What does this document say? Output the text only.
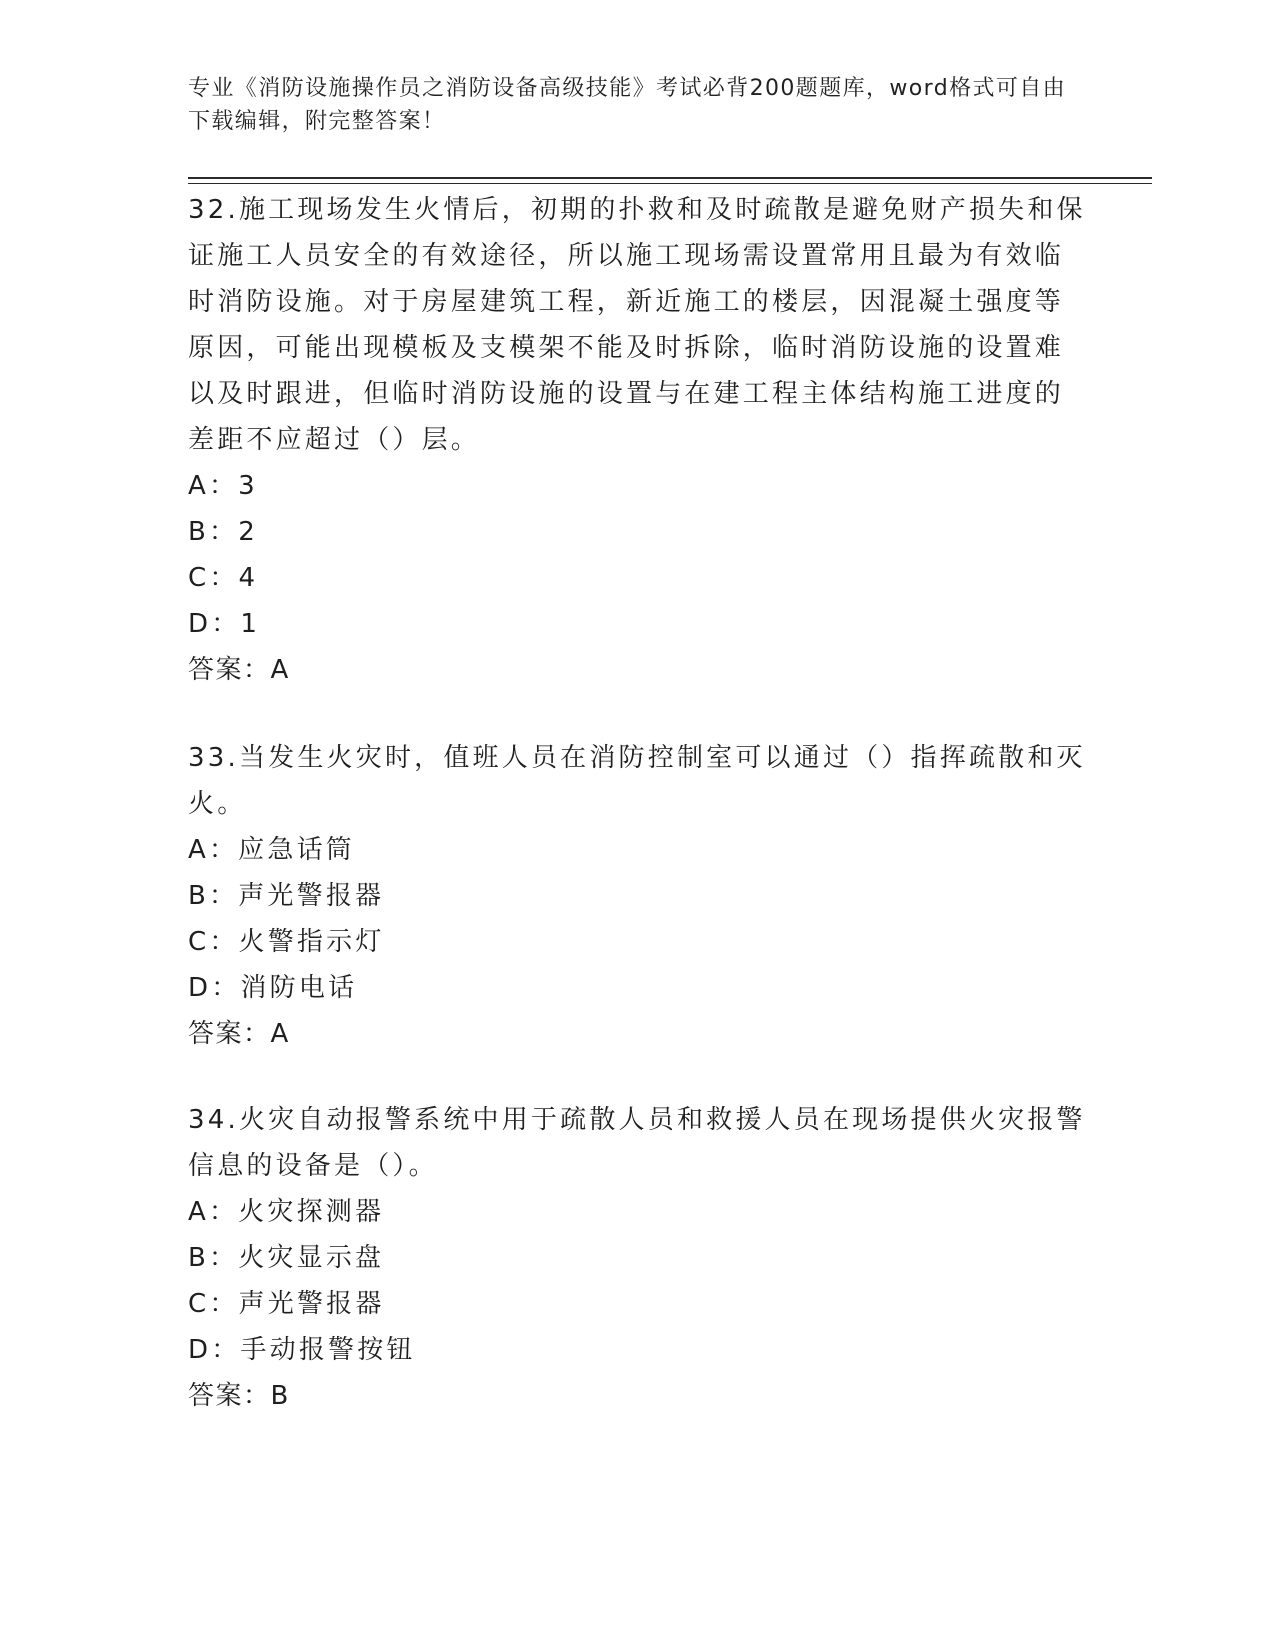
专业《消防设施操作员之消防设备高级技能》考试必背200题题库，word格式可自由下载编辑，附完整答案！
32.施工现场发生火情后，初期的扑救和及时疏散是避免财产损失和保证施工人员安全的有效途径，所以施工现场需设置常用且最为有效临时消防设施。对于房屋建筑工程，新近施工的楼层，因混凝土强度等原因，可能出现模板及支模架不能及时拆除，临时消防设施的设置难以及时跟进，但临时消防设施的设置与在建工程主体结构施工进度的差距不应超过（）层。
A：3
B：2
C：4
D：1
答案：A
33.当发生火灾时，值班人员在消防控制室可以通过（）指挥疏散和灭火。
A：应急话筒
B：声光警报器
C：火警指示灯
D：消防电话
答案：A
34.火灾自动报警系统中用于疏散人员和救援人员在现场提供火灾报警信息的设备是（）。
A：火灾探测器
B：火灾显示盘
C：声光警报器
D：手动报警按钮
答案：B
